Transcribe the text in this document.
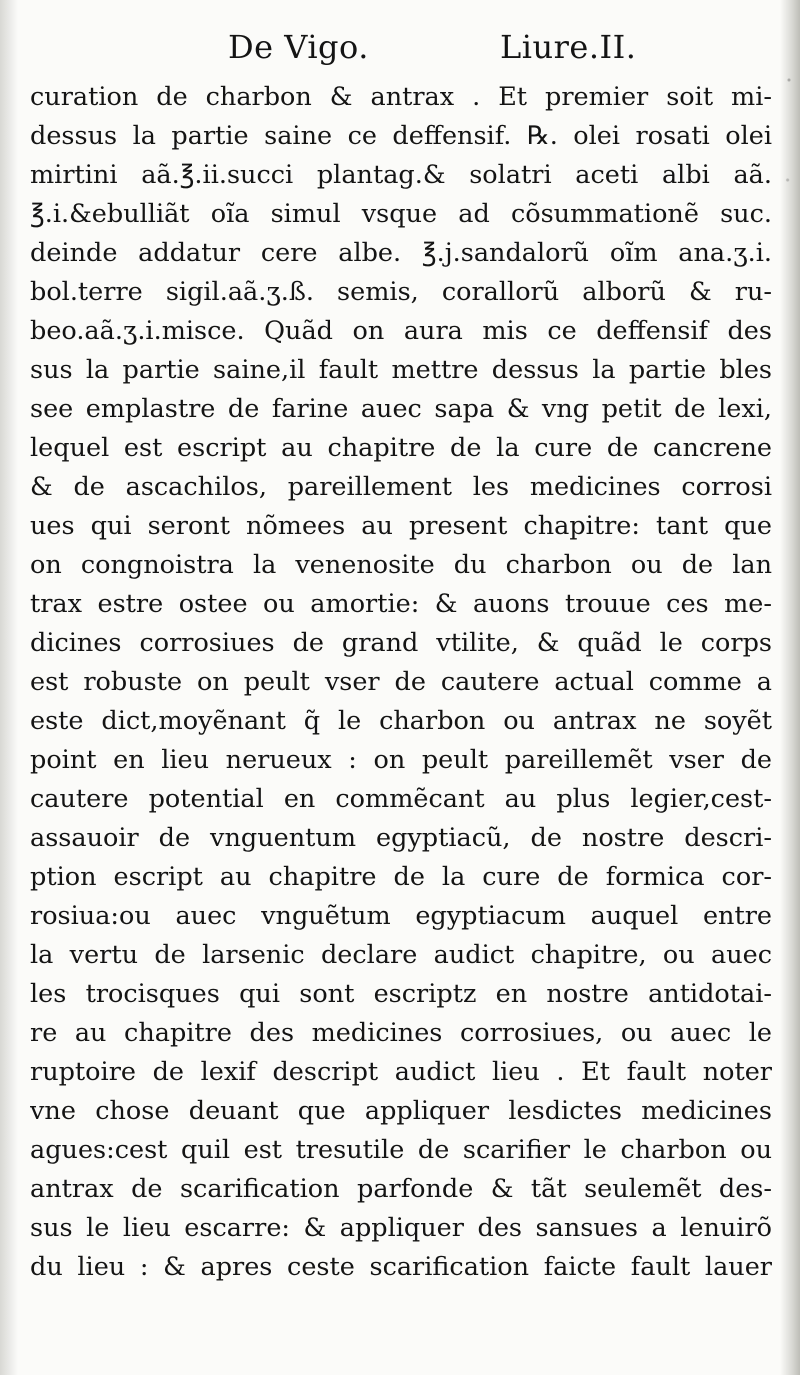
De Vigo.	Liure.II.
curation de charbon & antrax . Et premier soit mi-
dessus la partie saine ce deffensif. ℞. olei rosati olei
mirtini aã.℥.ii.succi plantag.& solatri aceti albi aã.
℥.i.&ebulliãt oĩa simul vsque ad cõsummationẽ suc.
deinde addatur cere albe. ℥.j.sandalorũ oĩm ana.ʒ.i.
bol.terre sigil.aã.ʒ.ß. semis, corallorũ alborũ & ru-
beo.aã.ʒ.i.misce. Quãd on aura mis ce deffensif des
sus la partie saine,il fault mettre dessus la partie bles
see emplastre de farine auec sapa & vng petit de lexi,
lequel est escript au chapitre de la cure de cancrene
& de ascachilos, pareillement les medicines corrosi
ues qui seront nõmees au present chapitre: tant que
on congnoistra la venenosite du charbon ou de lan
trax estre ostee ou amortie: & auons trouue ces me-
dicines corrosiues de grand vtilite, & quãd le corps
est robuste on peult vser de cautere actual comme a
este dict,moyẽnant q̃ le charbon ou antrax ne soyẽt
point en lieu nerueux : on peult pareillemẽt vser de
cautere potential en commẽcant au plus legier,cest-
assauoir de vnguentum egyptiacũ, de nostre descri-
ption escript au chapitre de la cure de formica cor-
rosiua:ou auec vnguẽtum egyptiacum auquel entre
la vertu de larsenic declare audict chapitre, ou auec
les trocisques qui sont escriptz en nostre antidotai-
re au chapitre des medicines corrosiues, ou auec le
ruptoire de lexif descript audict lieu . Et fault noter
vne chose deuant que appliquer lesdictes medicines
agues:cest quil est tresutile de scarifier le charbon ou
antrax de scarification parfonde & tãt seulemẽt des-
sus le lieu escarre: & appliquer des sansues a lenuirõ
du lieu : & apres ceste scarification faicte fault lauer
